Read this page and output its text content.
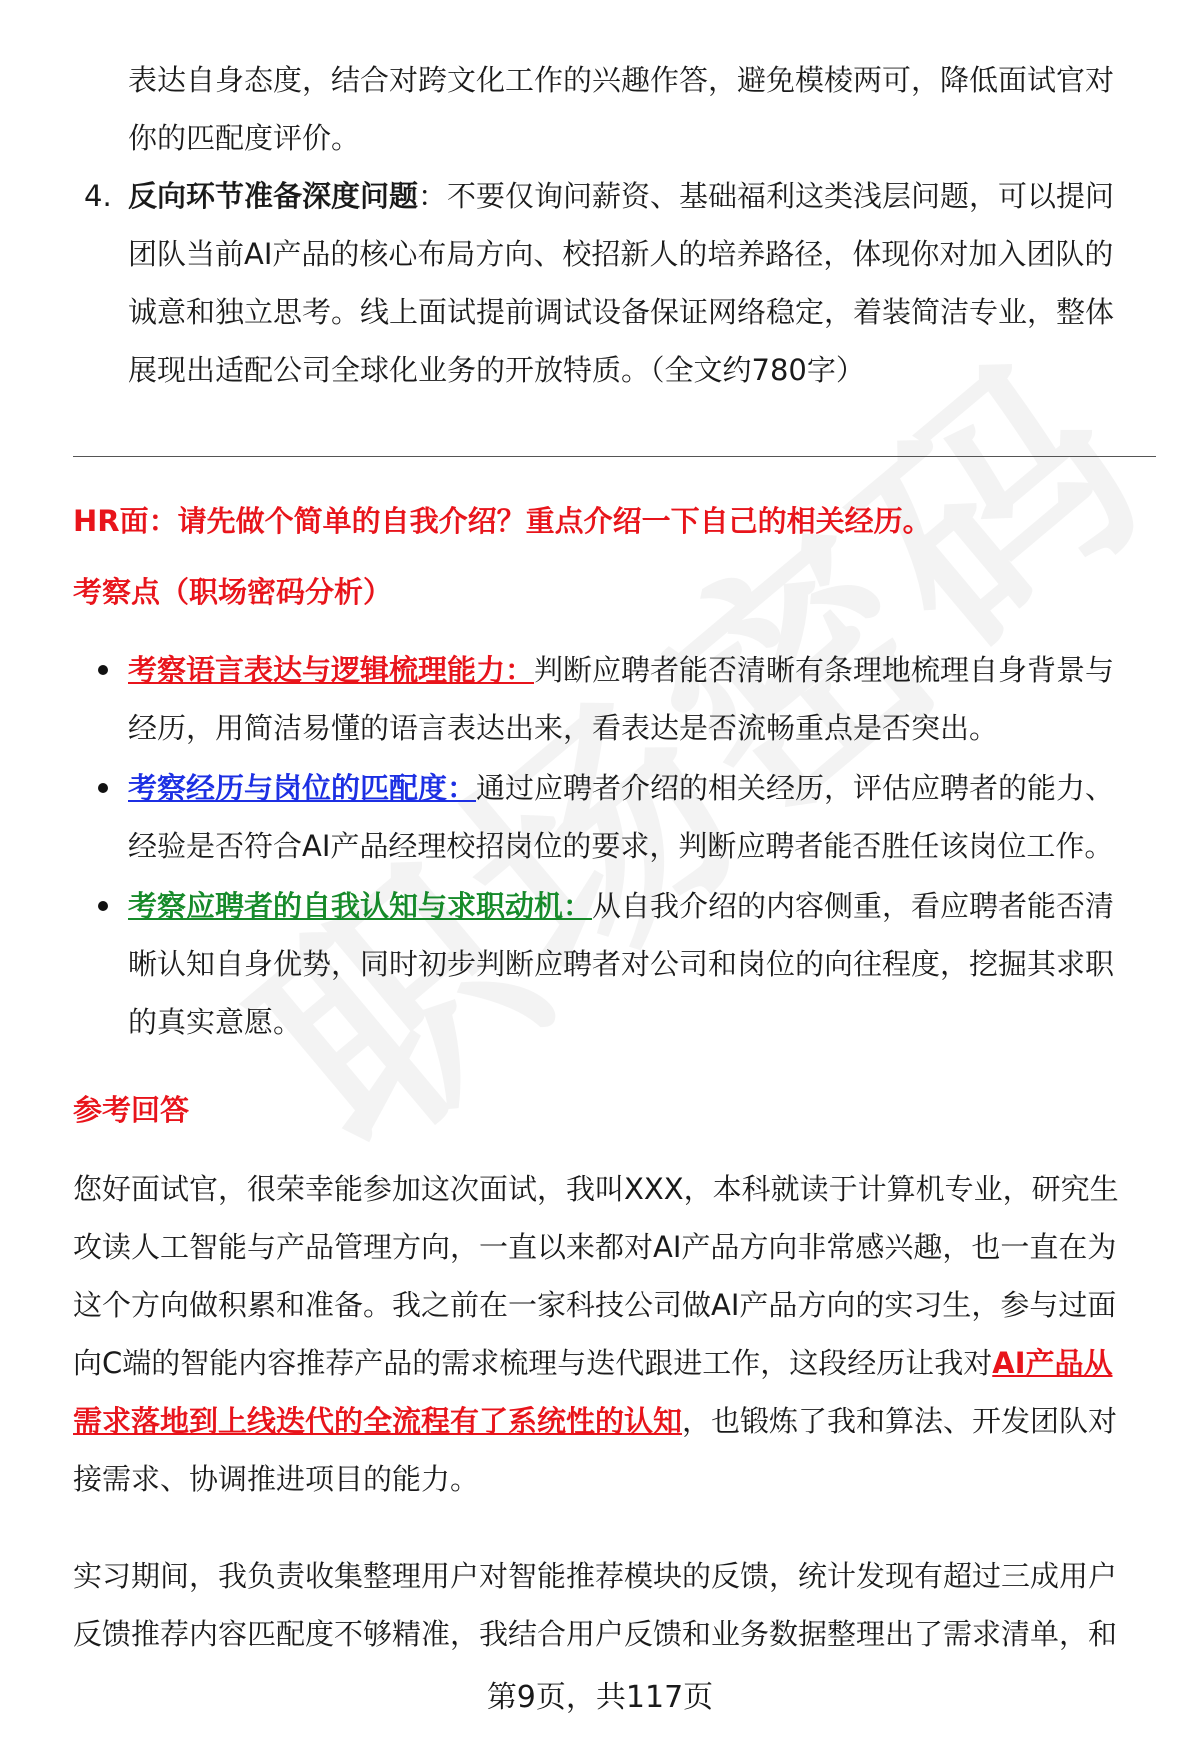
表达自身态度，结合对跨文化工作的兴趣作答，避免模棱两可，降低面试官对
你的匹配度评价。
4. 反向环节准备深度问题：不要仅询问薪资、基础福利这类浅层问题，可以提问
团队当前AI产品的核心布局方向、校招新人的培养路径，体现你对加入团队的
诚意和独立思考。线上面试提前调试设备保证网络稳定，着装简洁专业，整体
展现出适配公司全球化业务的开放特质。（全文约780字）
HR面：请先做个简单的自我介绍？重点介绍一下自己的相关经历。
考察点（职场密码分析）
考察语言表达与逻辑梳理能力：判断应聘者能否清晰有条理地梳理自身背景与
经历，用简洁易懂的语言表达出来，看表达是否流畅重点是否突出。
考察经历与岗位的匹配度：通过应聘者介绍的相关经历，评估应聘者的能力、
经验是否符合AI产品经理校招岗位的要求，判断应聘者能否胜任该岗位工作。
考察应聘者的自我认知与求职动机：从自我介绍的内容侧重，看应聘者能否清
晰认知自身优势，同时初步判断应聘者对公司和岗位的向往程度，挖掘其求职
的真实意愿。
参考回答
您好面试官，很荣幸能参加这次面试，我叫XXX，本科就读于计算机专业，研究生
攻读人工智能与产品管理方向，一直以来都对AI产品方向非常感兴趣，也一直在为
这个方向做积累和准备。我之前在一家科技公司做AI产品方向的实习生，参与过面
向C端的智能内容推荐产品的需求梳理与迭代跟进工作，这段经历让我对AI产品从
需求落地到上线迭代的全流程有了系统性的认知，也锻炼了我和算法、开发团队对
接需求、协调推进项目的能力。
实习期间，我负责收集整理用户对智能推荐模块的反馈，统计发现有超过三成用户
反馈推荐内容匹配度不够精准，我结合用户反馈和业务数据整理出了需求清单，和
第9页，共117页
